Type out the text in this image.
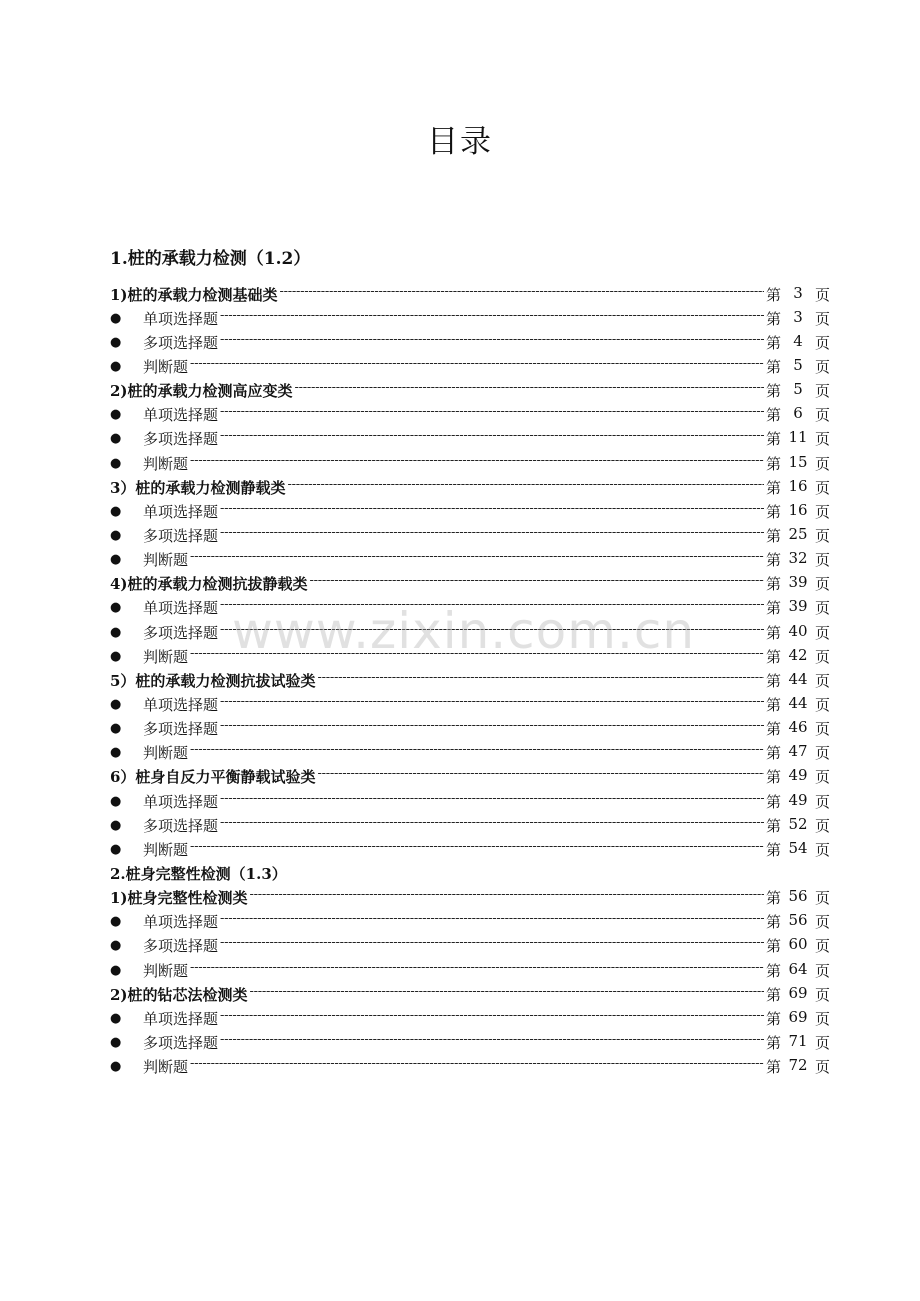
目录
1.桩的承载力检测（1.2）
1)桩的承载力检测基础类 - - -	第 3 页
●	单项选择题 - - -	第 3 页
●	多项选择题 - - -	第 4 页
●	判断题 - - -	第 5 页
2)桩的承载力检测高应变类 - - -	第 5 页
●	单项选择题 - - -	第 6 页
●	多项选择题 - - -	第 11 页
●	判断题 - - -	第 15 页
3）桩的承载力检测静载类 - - -	第 16 页
●	单项选择题 - - -	第 16 页
●	多项选择题 - - -	第 25 页
●	判断题 - - -	第 32 页
4)桩的承载力检测抗拔静载类 - - -	第 39 页
●	单项选择题 - - -	第 39 页
●	多项选择题 - - -	第 40 页
●	判断题 - - -	第 42 页
5）桩的承载力检测抗拔试验类 - - -	第 44 页
●	单项选择题 - - -	第 44 页
●	多项选择题 - - -	第 46 页
●	判断题 - - -	第 47 页
6）桩身自反力平衡静载试验类 - - -	第 49 页
●	单项选择题 - - -	第 49 页
●	多项选择题 - - -	第 52 页
●	判断题 - - -	第 54 页
2.桩身完整性检测（1.3）
1)桩身完整性检测类 - - -	第 56 页
●	单项选择题 - - -	第 56 页
●	多项选择题 - - -	第 60 页
●	判断题 - - -	第 64 页
2)桩的钻芯法检测类 - - -	第 69 页
●	单项选择题 - - -	第 69 页
●	多项选择题 - - -	第 71 页
●	判断题 - - -	第 72 页
www.zixin.com.cn
